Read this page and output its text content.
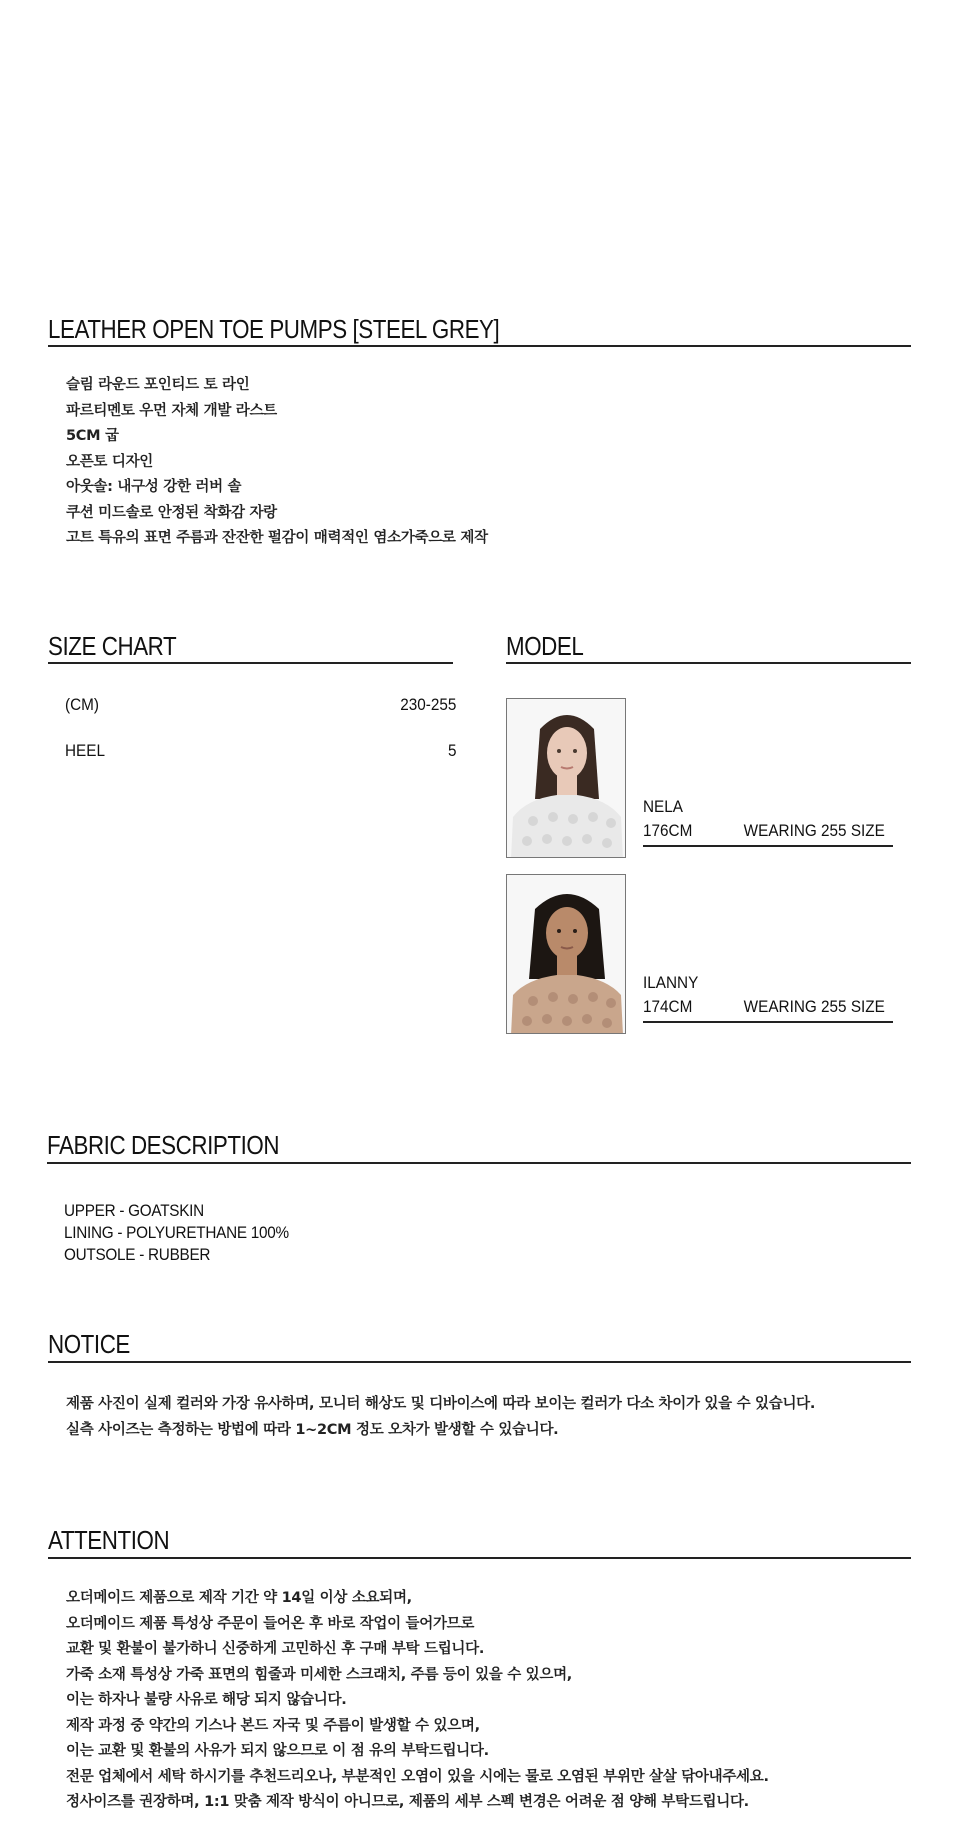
LEATHER OPEN TOE PUMPS [STEEL GREY]
슬림 라운드 포인티드 토 라인
파르티멘토 우먼 자체 개발 라스트
5CM 굽
오픈토 디자인
아웃솔: 내구성 강한 러버 솔
쿠션 미드솔로 안정된 착화감 자랑
고트 특유의 표면 주름과 잔잔한 펄감이 매력적인 염소가죽으로 제작
SIZE CHART
(CM)	230-255
HEEL	5
MODEL
NELA
176CM	WEARING 255 SIZE
ILANNY
174CM	WEARING 255 SIZE
FABRIC DESCRIPTION
UPPER - GOATSKIN
LINING - POLYURETHANE 100%
OUTSOLE - RUBBER
NOTICE
제품 사진이 실제 컬러와 가장 유사하며, 모니터 해상도 및 디바이스에 따라 보이는 컬러가 다소 차이가 있을 수 있습니다.
실측 사이즈는 측정하는 방법에 따라 1~2CM 정도 오차가 발생할 수 있습니다.
ATTENTION
오더메이드 제품으로 제작 기간 약 14일 이상 소요되며,
오더메이드 제품 특성상 주문이 들어온 후 바로 작업이 들어가므로
교환 및 환불이 불가하니 신중하게 고민하신 후 구매 부탁 드립니다.
가죽 소재 특성상 가죽 표면의 힘줄과 미세한 스크래치, 주름 등이 있을 수 있으며,
이는 하자나 불량 사유로 해당 되지 않습니다.
제작 과정 중 약간의 기스나 본드 자국 및 주름이 발생할 수 있으며,
이는 교환 및 환불의 사유가 되지 않으므로 이 점 유의 부탁드립니다.
전문 업체에서 세탁 하시기를 추천드리오나, 부분적인 오염이 있을 시에는 물로 오염된 부위만 살살 닦아내주세요.
정사이즈를 권장하며, 1:1 맞춤 제작 방식이 아니므로, 제품의 세부 스펙 변경은 어려운 점 양해 부탁드립니다.
